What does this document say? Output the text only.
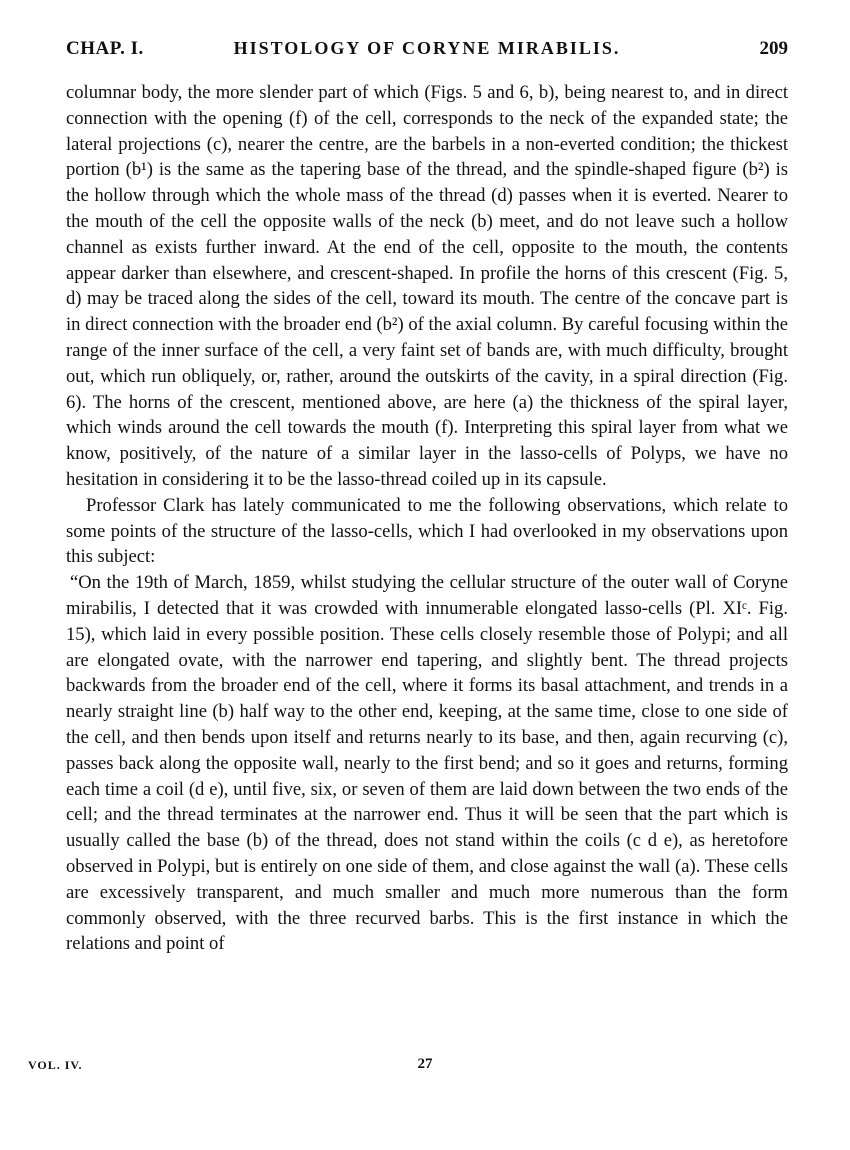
CHAP. I.	HISTOLOGY OF CORYNE MIRABILIS.	209

columnar body, the more slender part of which (Figs. 5 and 6, b), being nearest to, and in direct connection with the opening (f) of the cell, corresponds to the neck of the expanded state; the lateral projections (c), nearer the centre, are the barbels in a non-everted condition; the thickest portion (b¹) is the same as the tapering base of the thread, and the spindle-shaped figure (b²) is the hollow through which the whole mass of the thread (d) passes when it is everted. Nearer to the mouth of the cell the opposite walls of the neck (b) meet, and do not leave such a hollow channel as exists further inward. At the end of the cell, opposite to the mouth, the contents appear darker than elsewhere, and crescent-shaped. In profile the horns of this crescent (Fig. 5, d) may be traced along the sides of the cell, toward its mouth. The centre of the concave part is in direct connection with the broader end (b²) of the axial column. By careful focusing within the range of the inner surface of the cell, a very faint set of bands are, with much difficulty, brought out, which run obliquely, or, rather, around the outskirts of the cavity, in a spiral direction (Fig. 6). The horns of the crescent, mentioned above, are here (a) the thickness of the spiral layer, which winds around the cell towards the mouth (f). Interpreting this spiral layer from what we know, positively, of the nature of a similar layer in the lasso-cells of Polyps, we have no hesitation in considering it to be the lasso-thread coiled up in its capsule.

Professor Clark has lately communicated to me the following observations, which relate to some points of the structure of the lasso-cells, which I had overlooked in my observations upon this subject:

“On the 19th of March, 1859, whilst studying the cellular structure of the outer wall of Coryne mirabilis, I detected that it was crowded with innumerable elongated lasso-cells (Pl. XIᶜ. Fig. 15), which laid in every possible position. These cells closely resemble those of Polypi; and all are elongated ovate, with the narrower end tapering, and slightly bent. The thread projects backwards from the broader end of the cell, where it forms its basal attachment, and trends in a nearly straight line (b) half way to the other end, keeping, at the same time, close to one side of the cell, and then bends upon itself and returns nearly to its base, and then, again recurving (c), passes back along the opposite wall, nearly to the first bend; and so it goes and returns, forming each time a coil (d e), until five, six, or seven of them are laid down between the two ends of the cell; and the thread terminates at the narrower end. Thus it will be seen that the part which is usually called the base (b) of the thread, does not stand within the coils (c d e), as heretofore observed in Polypi, but is entirely on one side of them, and close against the wall (a). These cells are excessively transparent, and much smaller and much more numerous than the form commonly observed, with the three recurved barbs. This is the first instance in which the relations and point of

VOL. IV.	27
